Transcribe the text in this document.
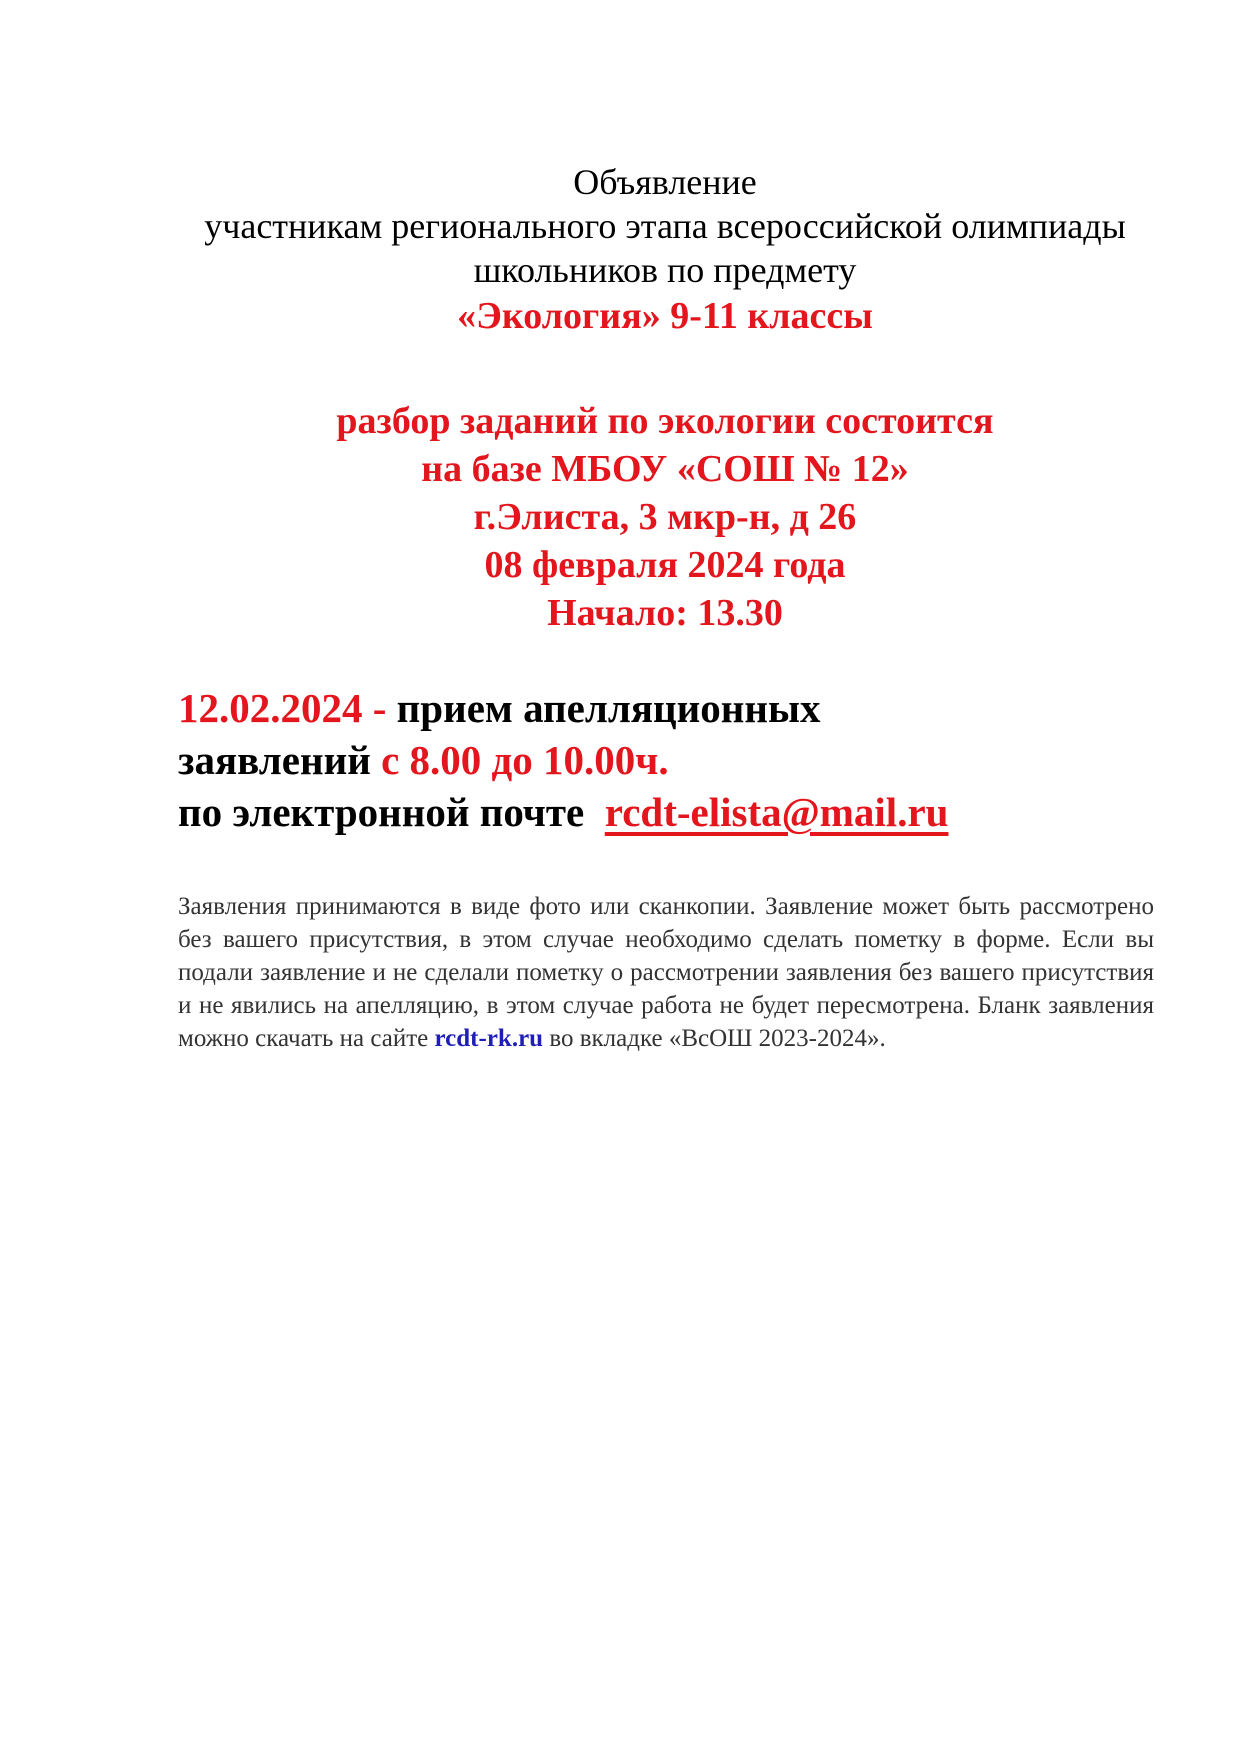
Объявление

участникам регионального этапа всероссийской олимпиады

школьников по предмету

«Экология» 9-11 классы

разбор заданий по экологии состоится

на базе МБОУ «СОШ № 12»

г.Элиста, 3 мкр-н, д 26

08 февраля 2024 года

Начало: 13.30

12.02.2024 - прием апелляционных

заявлений с 8.00 до 10.00ч.

по электронной почте rcdt-elista@mail.ru

Заявления принимаются в виде фото или сканкопии. Заявление может быть рассмотрено без вашего присутствия, в этом случае необходимо сделать пометку в форме. Если вы подали заявление и не сделали пометку о рассмотрении заявления без вашего присутствия и не явились на апелляцию, в этом случае работа не будет пересмотрена. Бланк заявления можно скачать на сайте rcdt-rk.ru во вкладке «ВсОШ 2023-2024».
